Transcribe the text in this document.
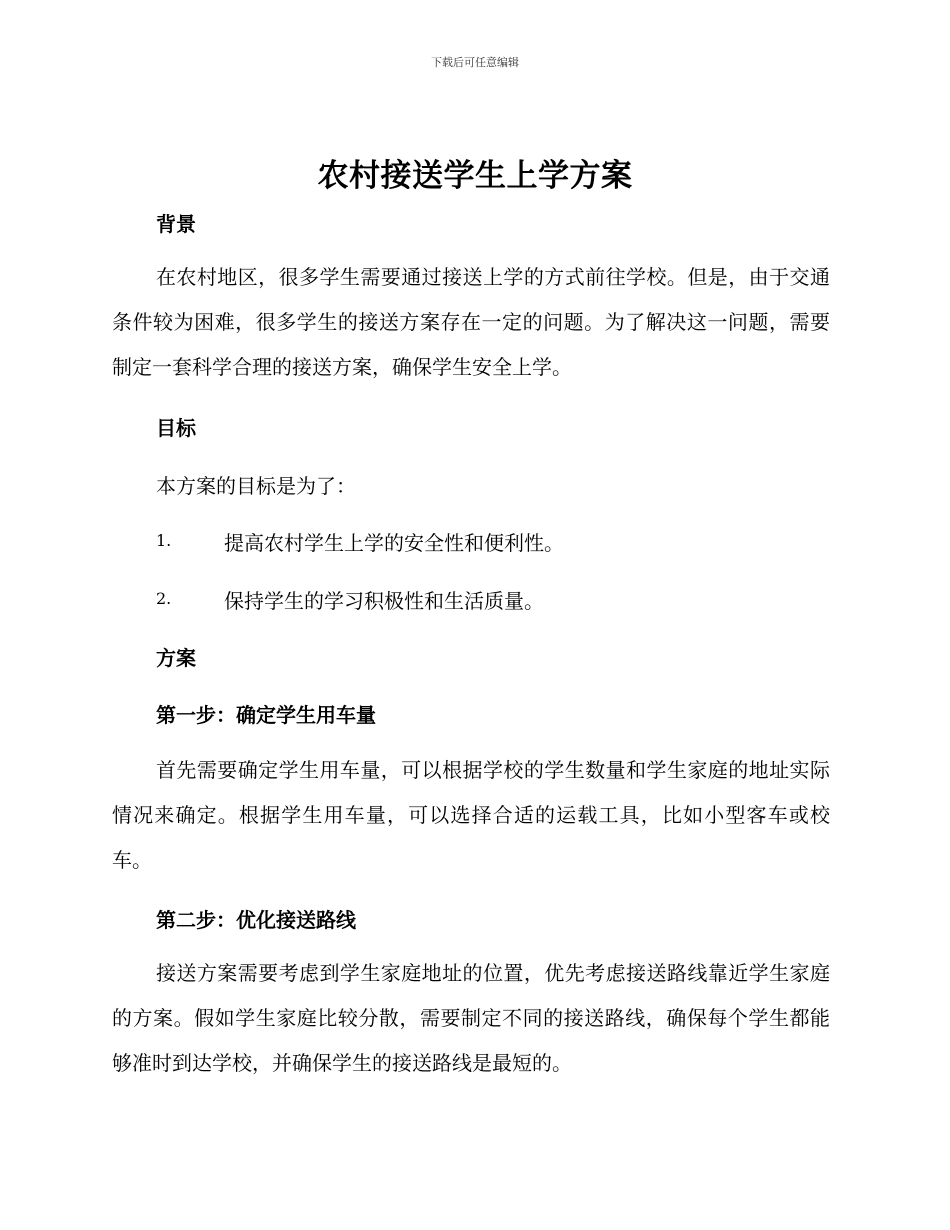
下载后可任意编辑
农村接送学生上学方案
背景
在农村地区，很多学生需要通过接送上学的方式前往学校。但是，由于交通条件较为困难，很多学生的接送方案存在一定的问题。为了解决这一问题，需要制定一套科学合理的接送方案，确保学生安全上学。
目标
本方案的目标是为了：
1.	提高农村学生上学的安全性和便利性。
2.	保持学生的学习积极性和生活质量。
方案
第一步：确定学生用车量
首先需要确定学生用车量，可以根据学校的学生数量和学生家庭的地址实际情况来确定。根据学生用车量，可以选择合适的运载工具，比如小型客车或校车。
第二步：优化接送路线
接送方案需要考虑到学生家庭地址的位置，优先考虑接送路线靠近学生家庭的方案。假如学生家庭比较分散，需要制定不同的接送路线，确保每个学生都能够准时到达学校，并确保学生的接送路线是最短的。
